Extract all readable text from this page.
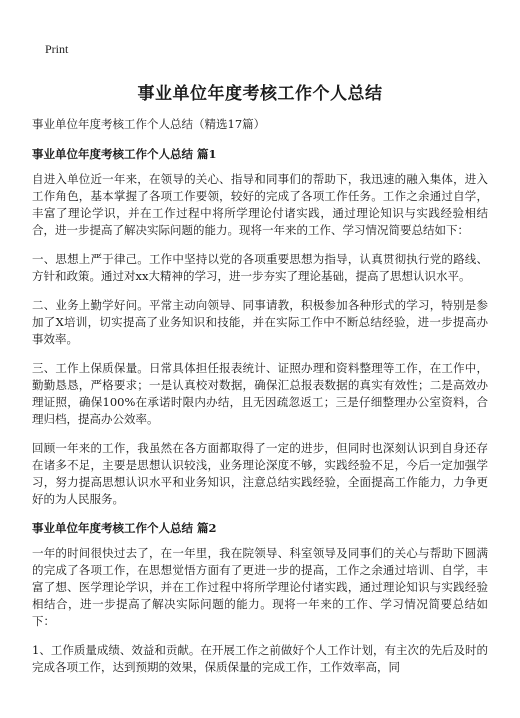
Print
事业单位年度考核工作个人总结
事业单位年度考核工作个人总结（精选17篇）
事业单位年度考核工作个人总结 篇1

自进入单位近一年来，在领导的关心、指导和同事们的帮助下，我迅速的融入集体，进入工作角色，基本掌握了各项工作要领，较好的完成了各项工作任务。工作之余通过自学，丰富了理论学识，并在工作过程中将所学理论付诸实践，通过理论知识与实践经验相结合，进一步提高了解决实际问题的能力。现将一年来的工作、学习情况简要总结如下：

一、思想上严于律己。工作中坚持以党的各项重要思想为指导，认真贯彻执行党的路线、方针和政策。通过对xx大精神的学习，进一步夯实了理论基础，提高了思想认识水平。

二、业务上勤学好问。平常主动向领导、同事请教，积极参加各种形式的学习，特别是参加了X培训，切实提高了业务知识和技能，并在实际工作中不断总结经验，进一步提高办事效率。

三、工作上保质保量。日常具体担任报表统计、证照办理和资料整理等工作，在工作中，勤勤恳恳，严格要求；一是认真校对数据，确保汇总报表数据的真实有效性；二是高效办理证照，确保100%在承诺时限内办结，且无因疏忽返工；三是仔细整理办公室资料，合理归档，提高办公效率。

回顾一年来的工作，我虽然在各方面都取得了一定的进步，但同时也深刻认识到自身还存在诸多不足，主要是思想认识较浅，业务理论深度不够，实践经验不足，今后一定加强学习，努力提高思想认识水平和业务知识，注意总结实践经验，全面提高工作能力，力争更好的为人民服务。

事业单位年度考核工作个人总结 篇2

一年的时间很快过去了，在一年里，我在院领导、科室领导及同事们的关心与帮助下圆满的完成了各项工作，在思想觉悟方面有了更进一步的提高，工作之余通过培训、自学，丰富了想、医学理论学识，并在工作过程中将所学理论付诸实践，通过理论知识与实践经验相结合，进一步提高了解决实际问题的能力。现将一年来的工作、学习情况简要总结如下：

1、工作质量成绩、效益和贡献。在开展工作之前做好个人工作计划，有主次的先后及时的完成各项工作，达到预期的效果，保质保量的完成工作，工作效率高，同
